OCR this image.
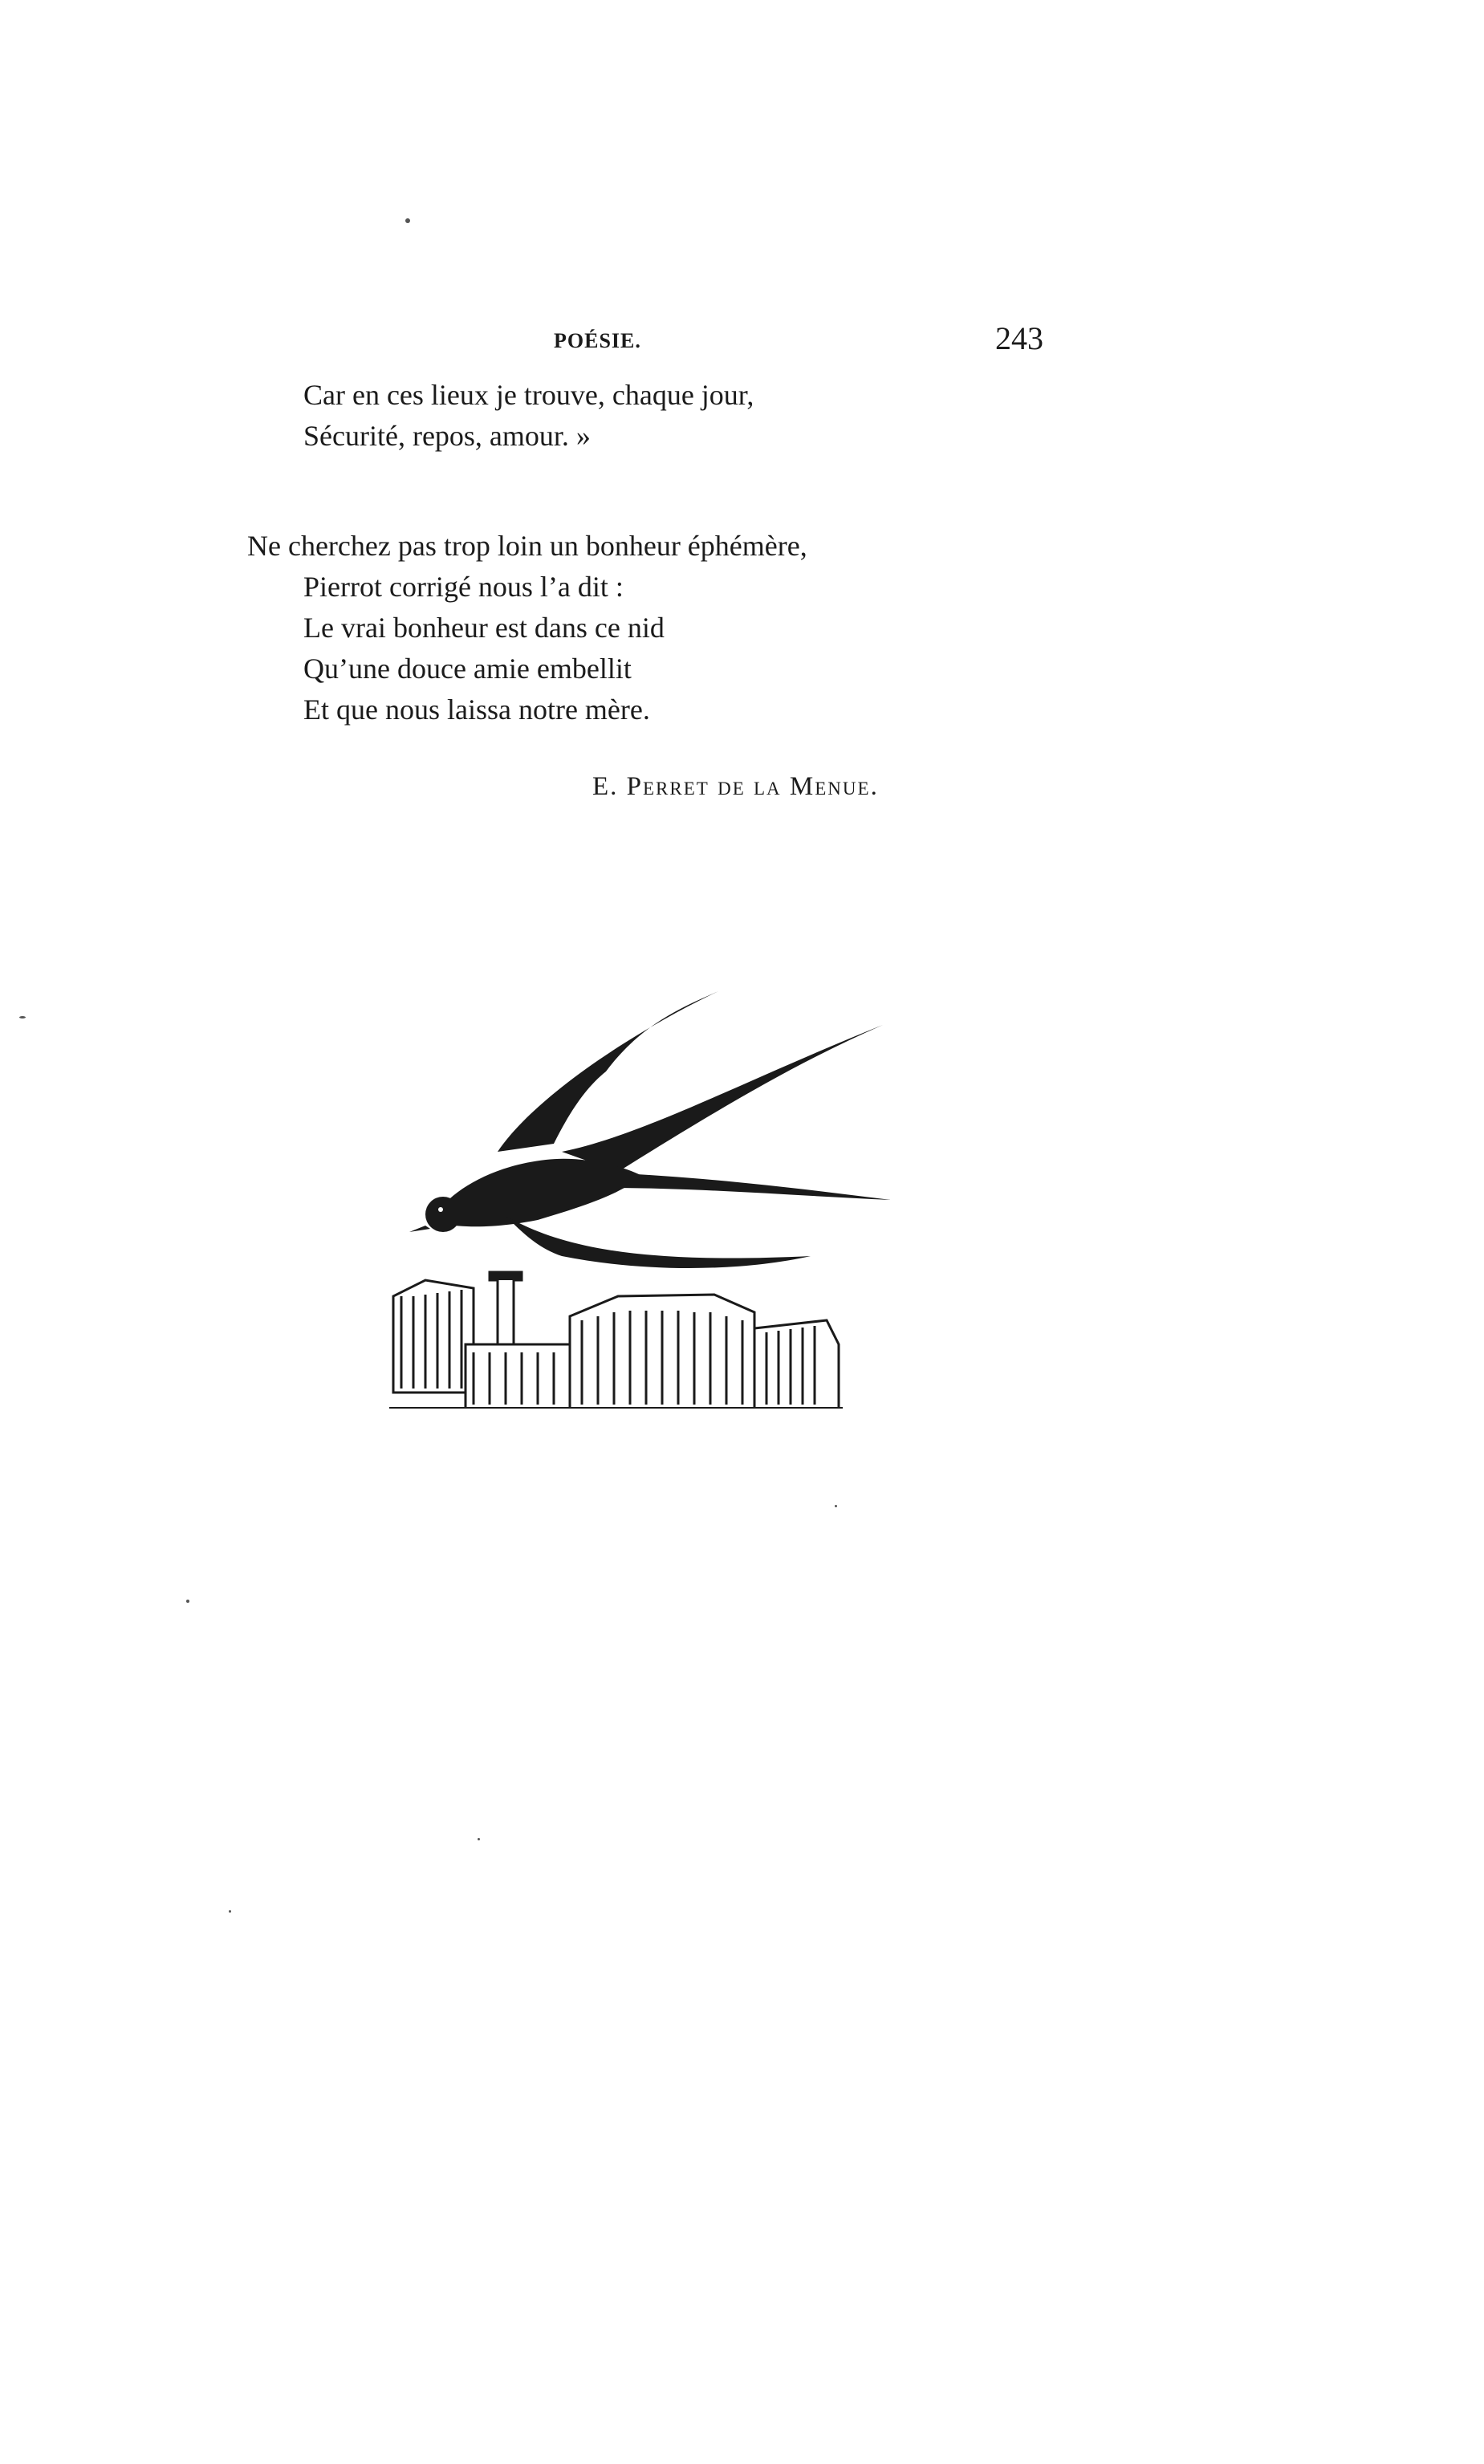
POÉSIE.	243
Car en ces lieux je trouve, chaque jour,
Sécurité, repos, amour. »
Ne cherchez pas trop loin un bonheur éphémère,
Pierrot corrigé nous l’a dit :
Le vrai bonheur est dans ce nid
Qu’une douce amie embellit
Et que nous laissa notre mère.
E. Perret de la Menue.
